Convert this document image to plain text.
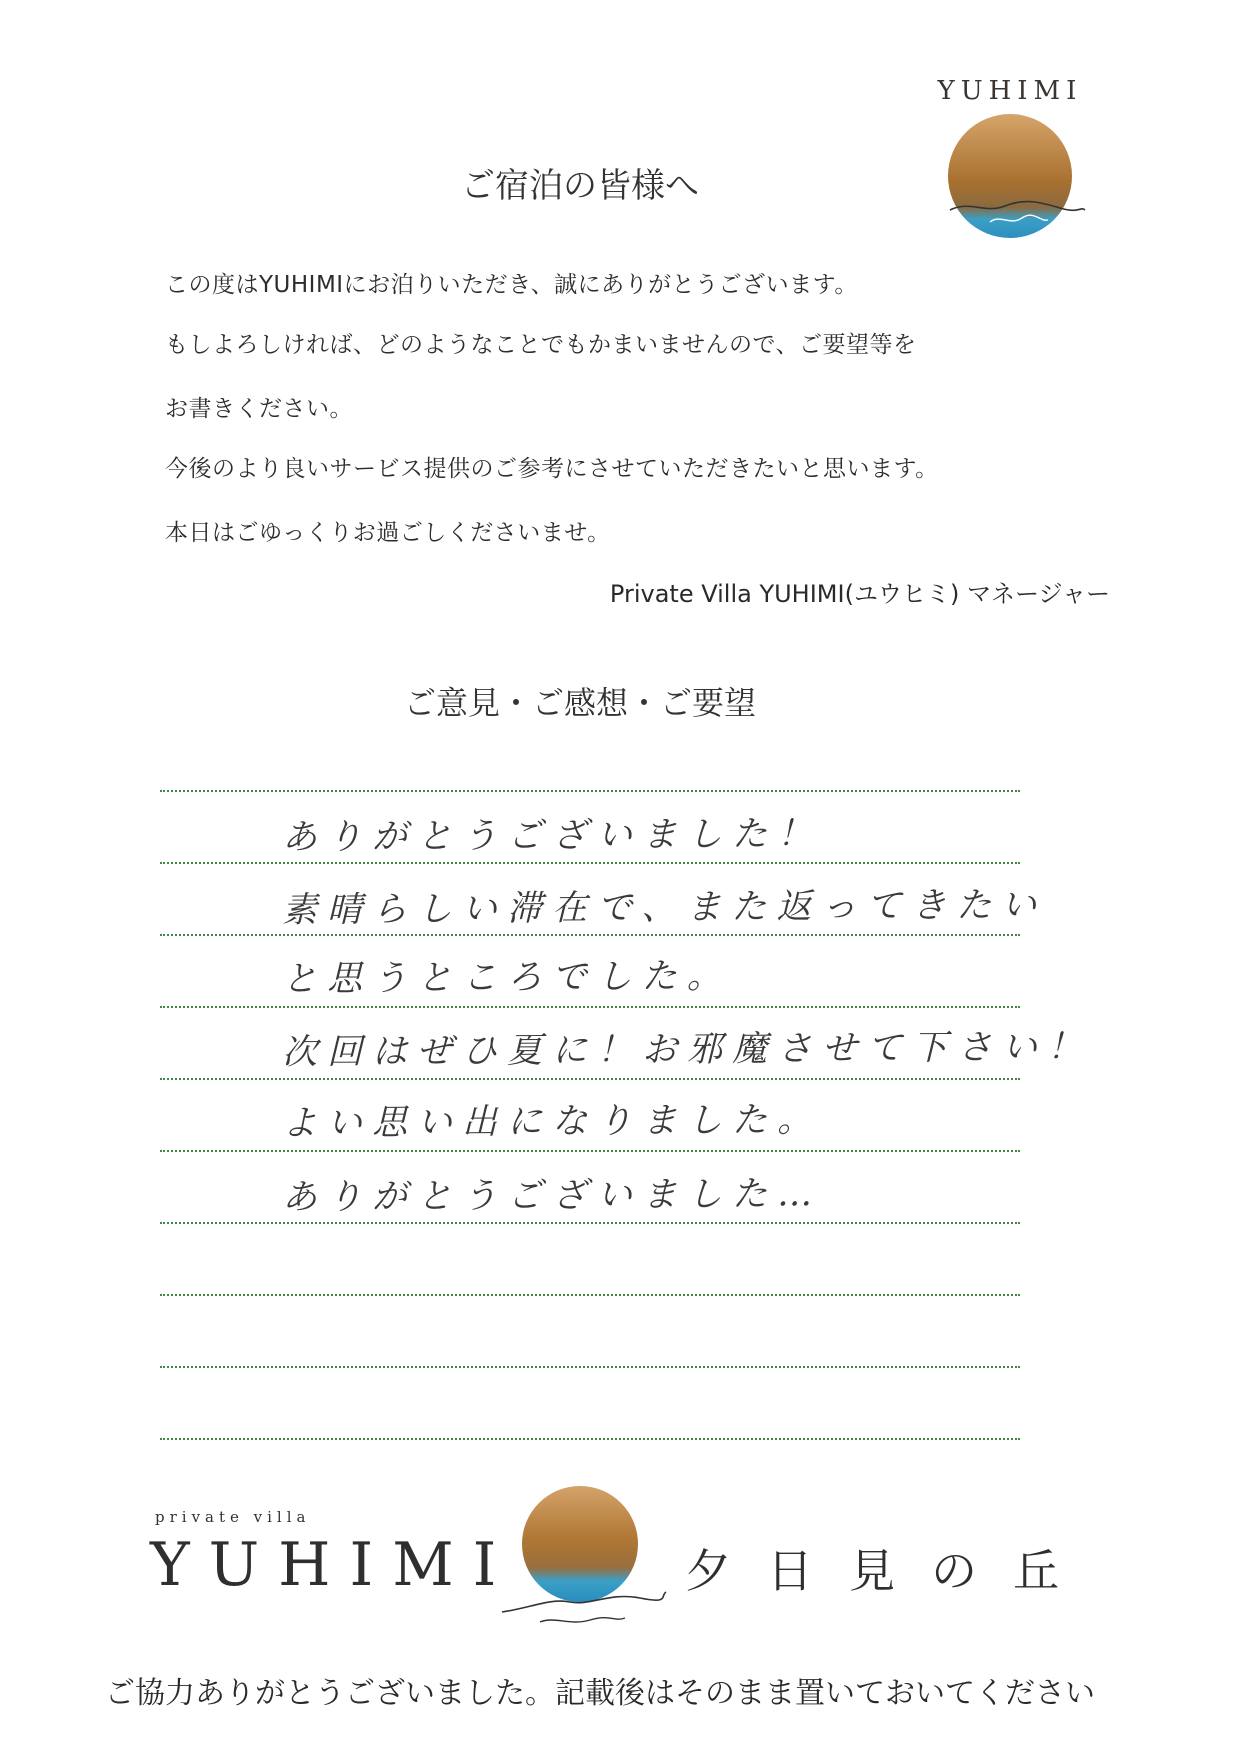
YUHIMI
ご宿泊の皆様へ
この度はYUHIMIにお泊りいただき、誠にありがとうございます。
もしよろしければ、どのようなことでもかまいませんので、ご要望等を
お書きください。
今後のより良いサービス提供のご参考にさせていただきたいと思います。
本日はごゆっくりお過ごしくださいませ。
Private Villa YUHIMI(ユウヒミ) マネージャー
ご意見・ご感想・ご要望
ありがとうございました！
素晴らしい滞在で、また返ってきたい
と思うところでした。
次回はぜひ夏に！お邪魔させて下さい！
よい思い出になりました。
ありがとうございました…
private villa
YUHIMI	夕日見の丘
ご協力ありがとうございました。記載後はそのまま置いておいてください
